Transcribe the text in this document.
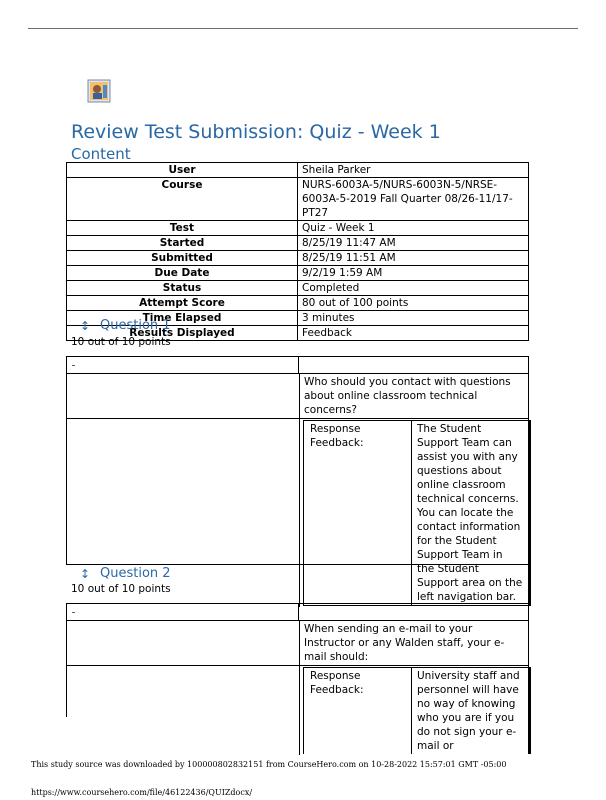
Review Test Submission: Quiz - Week 1
Content
User	Sheila Parker
Course	NURS-6003A-5/NURS-6003N-5/NRSE-6003A-5-2019 Fall Quarter 08/26-11/17-PT27
Test	Quiz - Week 1
Started	8/25/19 11:47 AM
Submitted	8/25/19 11:51 AM
Due Date	9/2/19 1:59 AM
Status	Completed
Attempt Score	80 out of 100 points
Time Elapsed	3 minutes
Results Displayed	Feedback
↕ Question 1
10 out of 10 points
Who should you contact with questions about online classroom technical concerns?
Response Feedback:
The Student Support Team can assist you with any questions about online classroom technical concerns. You can locate the contact information for the Student Support Team in the Student Support area on the left navigation bar.
↕ Question 2
10 out of 10 points
When sending an e-mail to your Instructor or any Walden staff, your e-mail should:
Response Feedback:
University staff and personnel will have no way of knowing who you are if you do not sign your e-mail or
This study source was downloaded by 100000802832151 from CourseHero.com on 10-28-2022 15:57:01 GMT -05:00
https://www.coursehero.com/file/46122436/QUIZdocx/
